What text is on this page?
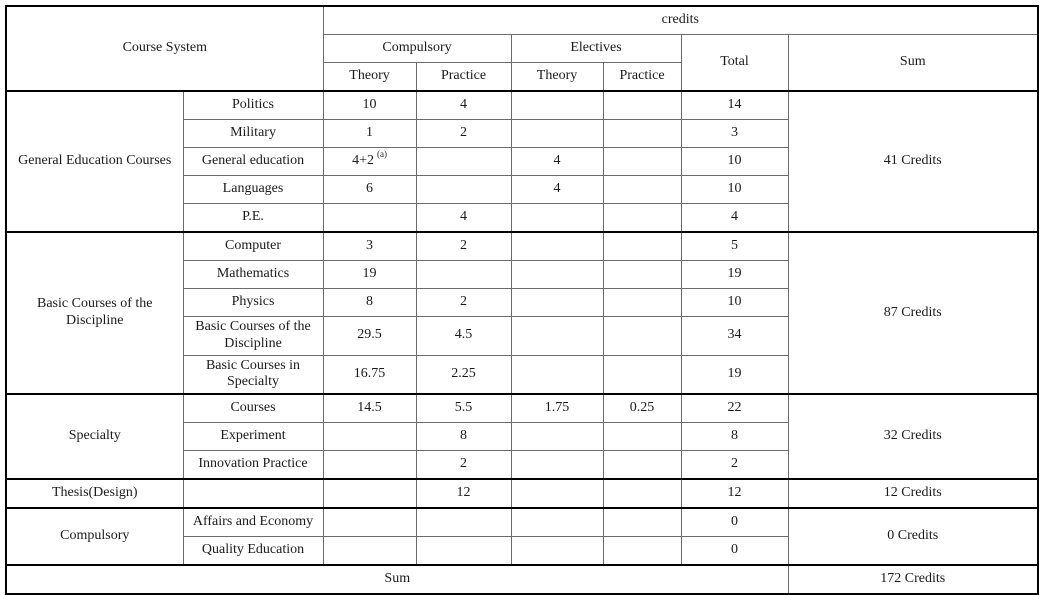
Course System		credits					
		Compulsory		Electives		Total	Sum
		Theory	Practice	Theory	Practice		
General Education Courses	Politics	10	4			14	41 Credits
	Military	1	2			3	
	General education	4+2 $^{(a)}$		4		10	
	Languages	6		4		10	
	P.E.		4			4	
Basic Courses of the Discipline	Computer	3	2			5	87 Credits
	Mathematics	19				19	
	Physics	8	2			10	
	Basic Courses of the Discipline	29.5	4.5			34	
	Basic Courses in Specialty	16.75	2.25			19	
Specialty	Courses	14.5	5.5	1.75	0.25	22	32 Credits
	Experiment		8			8	
	Innovation Practice		2			2	
Thesis(Design)			12			12	12 Credits
Compulsory	Affairs and Economy					0	0 Credits
	Quality Education					0	
Sum							172 Credits
